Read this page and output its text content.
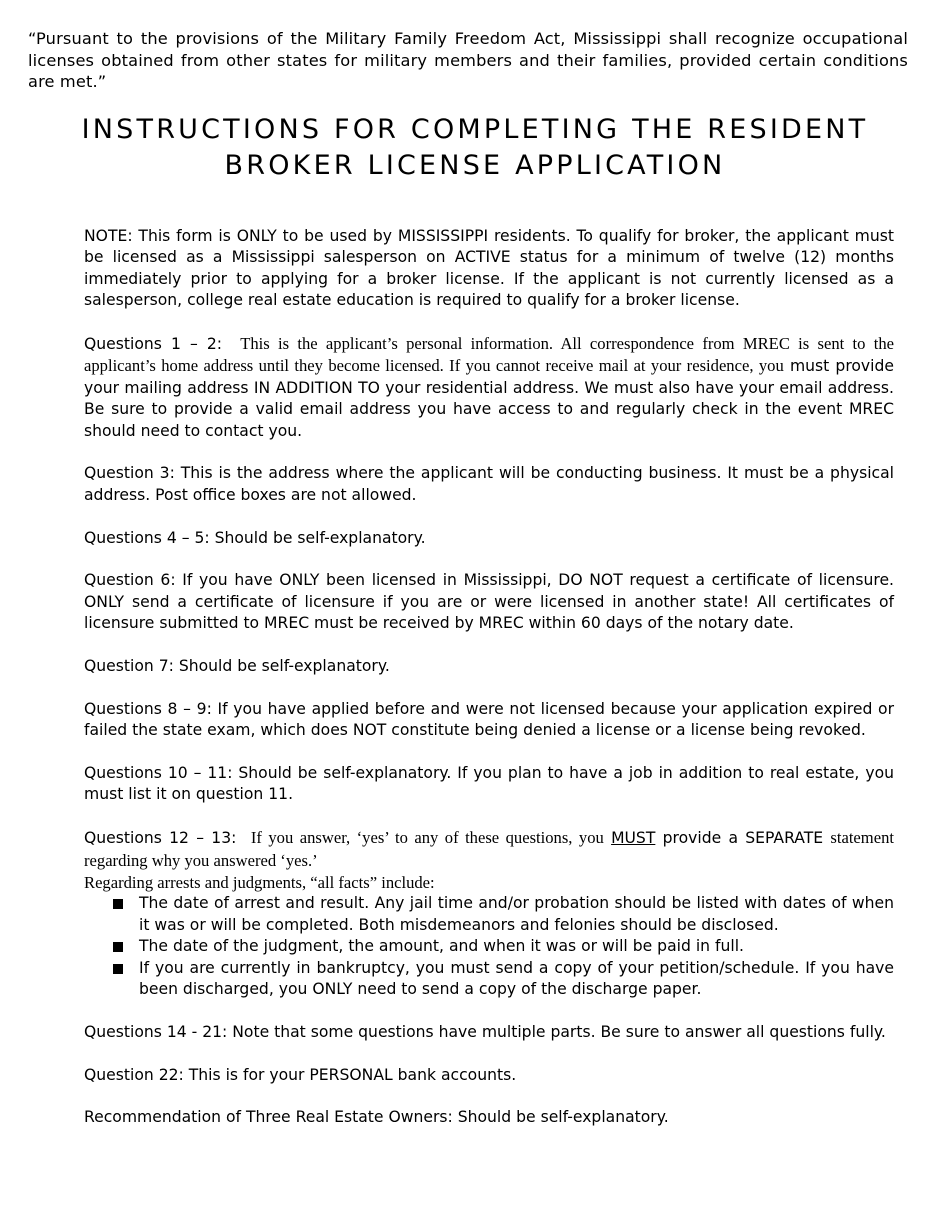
“Pursuant to the provisions of the Military Family Freedom Act, Mississippi shall recognize occupational licenses obtained from other states for military members and their families, provided certain conditions are met.”

INSTRUCTIONS FOR COMPLETING THE RESIDENT
BROKER LICENSE APPLICATION

NOTE: This form is ONLY to be used by MISSISSIPPI residents. To qualify for broker, the applicant must be licensed as a Mississippi salesperson on ACTIVE status for a minimum of twelve (12) months immediately prior to applying for a broker license. If the applicant is not currently licensed as a salesperson, college real estate education is required to qualify for a broker license.

Questions 1 – 2: This is the applicant’s personal information. All correspondence from MREC is sent to the applicant’s home address until they become licensed. If you cannot receive mail at your residence, you must provide your mailing address IN ADDITION TO your residential address. We must also have your email address. Be sure to provide a valid email address you have access to and regularly check in the event MREC should need to contact you.

Question 3: This is the address where the applicant will be conducting business. It must be a physical address. Post office boxes are not allowed.

Questions 4 – 5: Should be self-explanatory.

Question 6: If you have ONLY been licensed in Mississippi, DO NOT request a certificate of licensure. ONLY send a certificate of licensure if you are or were licensed in another state! All certificates of licensure submitted to MREC must be received by MREC within 60 days of the notary date.

Question 7: Should be self-explanatory.

Questions 8 – 9: If you have applied before and were not licensed because your application expired or failed the state exam, which does NOT constitute being denied a license or a license being revoked.

Questions 10 – 11: Should be self-explanatory. If you plan to have a job in addition to real estate, you must list it on question 11.

Questions 12 – 13: If you answer, ‘yes’ to any of these questions, you MUST provide a SEPARATE statement regarding why you answered ‘yes.’

Regarding arrests and judgments, “all facts” include:

The date of arrest and result. Any jail time and/or probation should be listed with dates of when it was or will be completed. Both misdemeanors and felonies should be disclosed.
The date of the judgment, the amount, and when it was or will be paid in full.
If you are currently in bankruptcy, you must send a copy of your petition/schedule. If you have been discharged, you ONLY need to send a copy of the discharge paper.

Questions 14 - 21: Note that some questions have multiple parts. Be sure to answer all questions fully.

Question 22: This is for your PERSONAL bank accounts.

Recommendation of Three Real Estate Owners: Should be self-explanatory.
